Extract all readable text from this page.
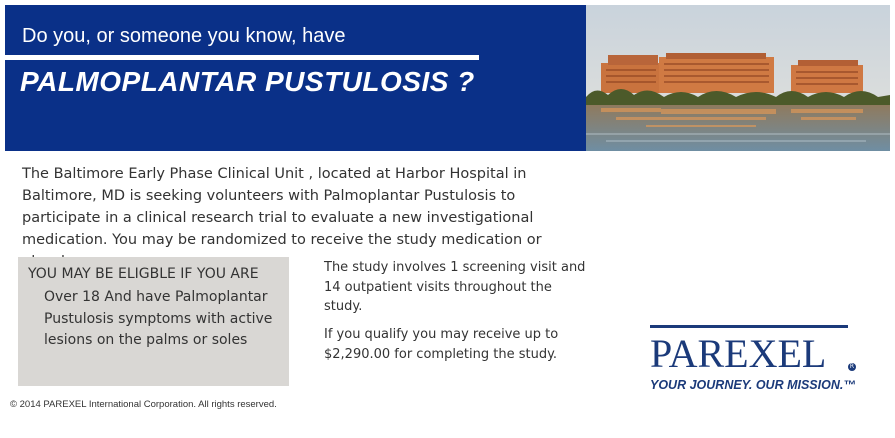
Do you, or someone you know, have
PALMOPLANTAR PUSTULOSIS ?
The Baltimore Early Phase Clinical Unit , located at Harbor Hospital in Baltimore, MD is seeking volunteers with Palmoplantar Pustulosis to participate in a clinical research trial to evaluate a new investigational medication. You may be randomized to receive the study medication or
YOU MAY BE ELIGBLE IF YOU ARE
Over 18 And have Palmoplantar Pustulosis symptoms with active lesions on the palms or soles
The study involves 1 screening visit and 14 outpatient visits throughout the study.
If you qualify you may receive up to $2,290.00 for completing the study.	PAREXEL	R
YOUR JOURNEY. OUR MISSION.™
© 2014 PAREXEL International Corporation. All rights reserved.
